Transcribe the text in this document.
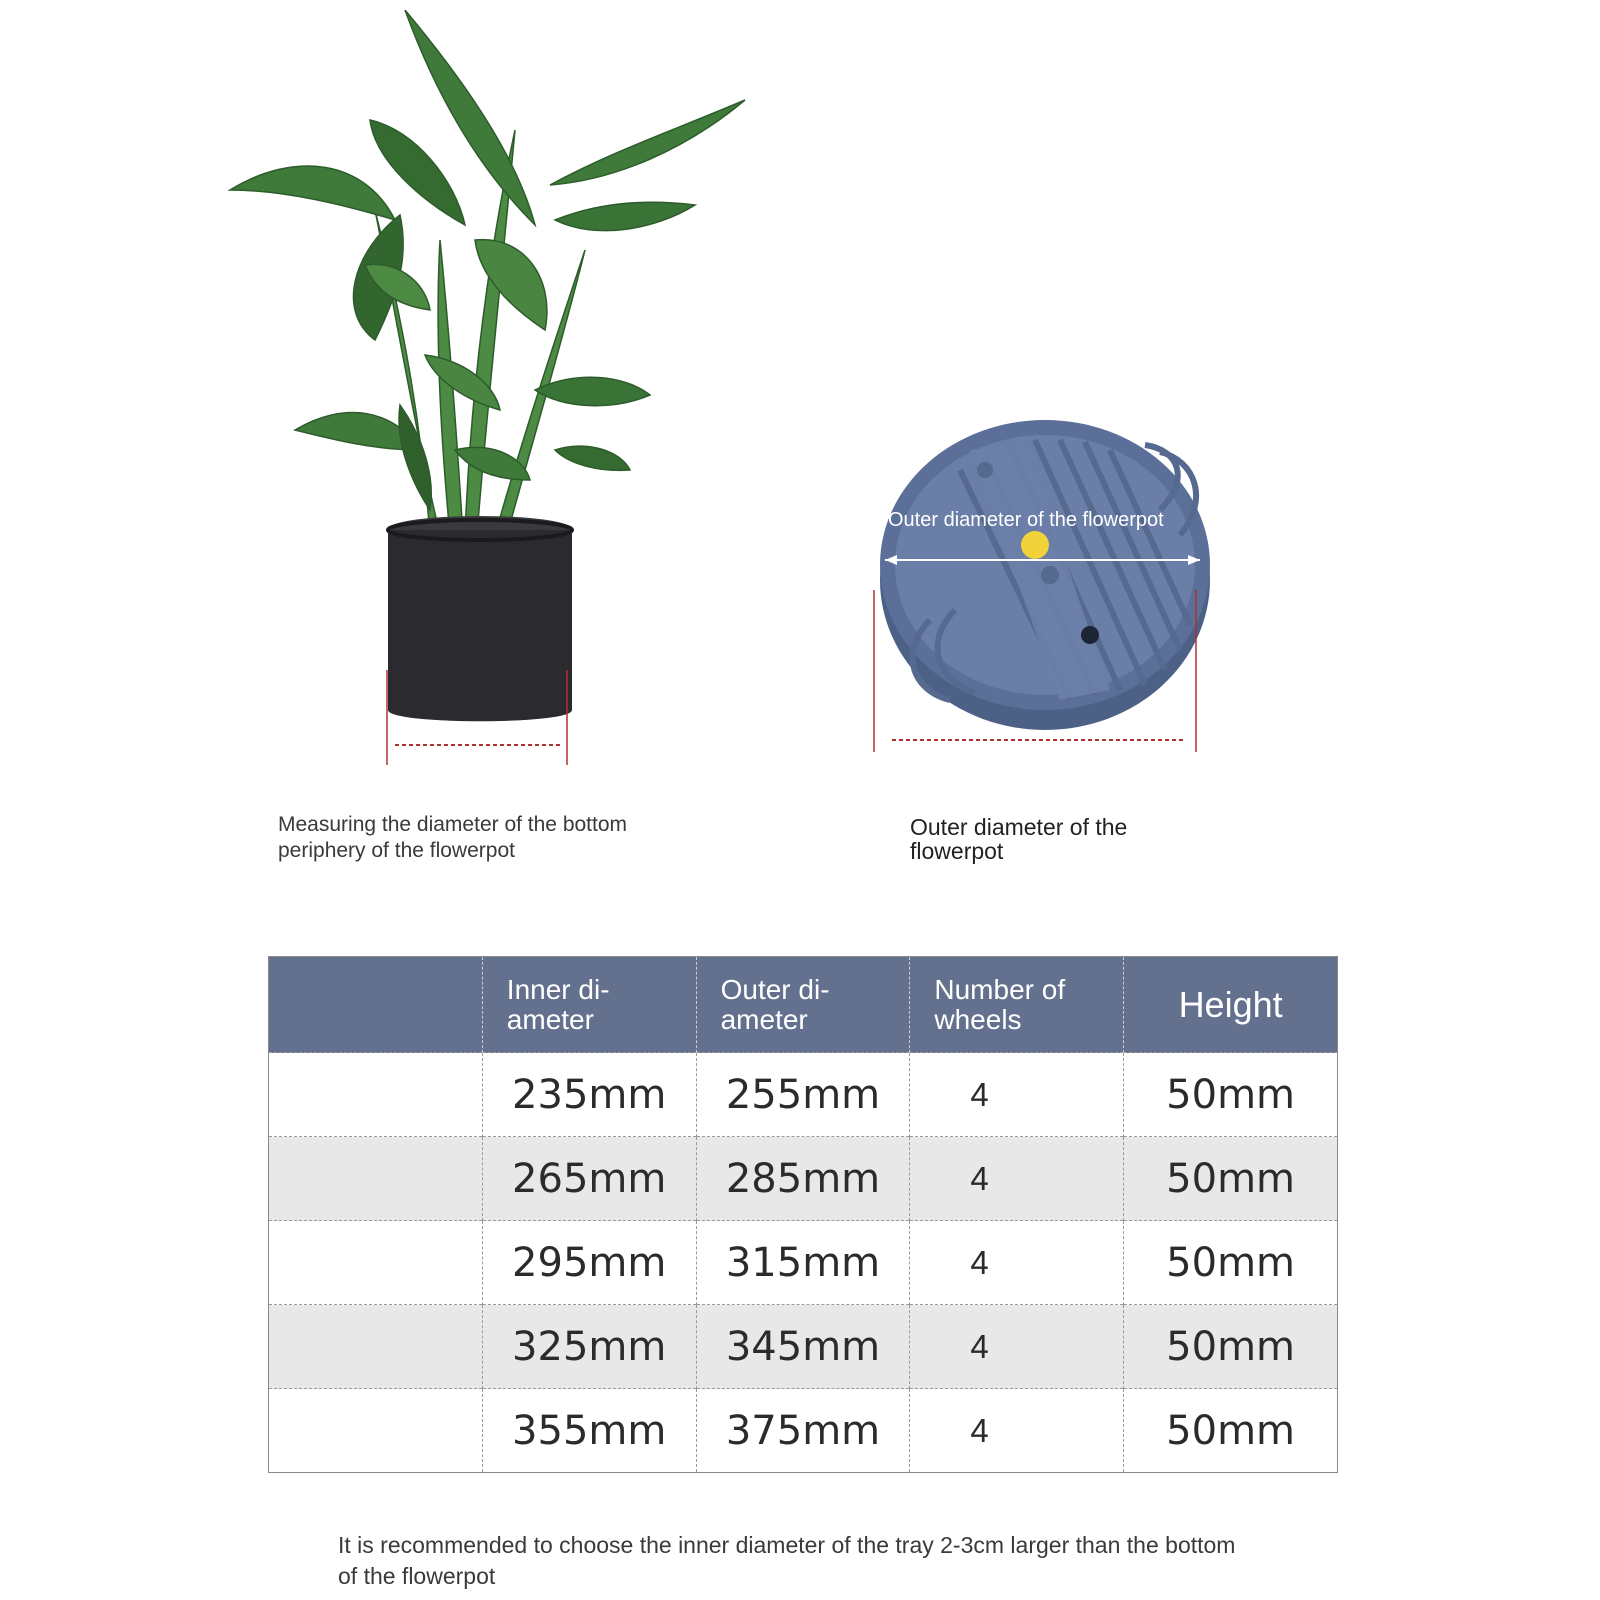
Outer diameter of the flowerpot

Measuring the diameter of the bottom periphery of the flowerpot

Outer diameter of the flowerpot

	Inner di-ameter	Outer di-ameter	Number of wheels	Height
	235mm	255mm	4	50mm
	265mm	285mm	4	50mm
	295mm	315mm	4	50mm
	325mm	345mm	4	50mm
	355mm	375mm	4	50mm

It is recommended to choose the inner diameter of the tray 2-3cm larger than the bottom of the flowerpot
